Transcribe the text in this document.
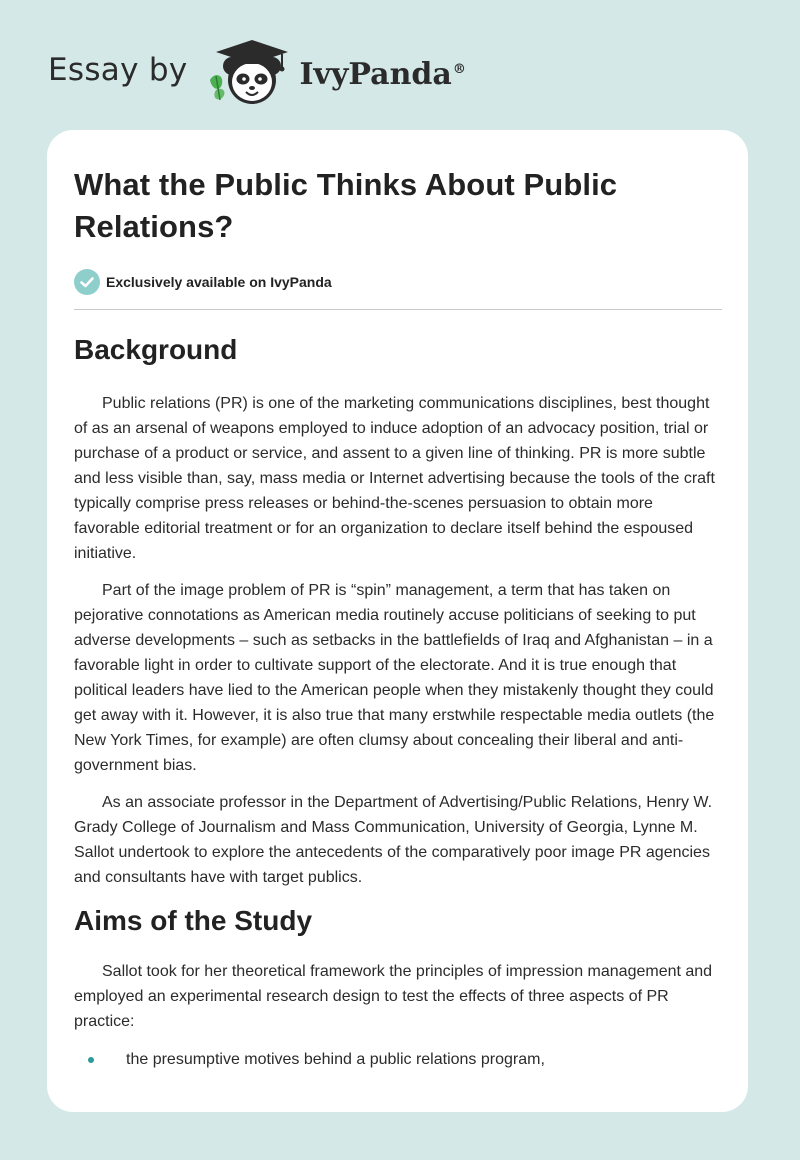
Essay by	IvyPanda®
What the Public Thinks About Public Relations?
Exclusively available on IvyPanda
Background

Public relations (PR) is one of the marketing communications disciplines, best thought of as an arsenal of weapons employed to induce adoption of an advocacy position, trial or purchase of a product or service, and assent to a given line of thinking. PR is more subtle and less visible than, say, mass media or Internet advertising because the tools of the craft typically comprise press releases or behind-the-scenes persuasion to obtain more favorable editorial treatment or for an organization to declare itself behind the espoused initiative.

Part of the image problem of PR is “spin” management, a term that has taken on pejorative connotations as American media routinely accuse politicians of seeking to put adverse developments – such as setbacks in the battlefields of Iraq and Afghanistan – in a favorable light in order to cultivate support of the electorate. And it is true enough that political leaders have lied to the American people when they mistakenly thought they could get away with it. However, it is also true that many erstwhile respectable media outlets (the New York Times, for example) are often clumsy about concealing their liberal and anti-government bias.

As an associate professor in the Department of Advertising/Public Relations, Henry W. Grady College of Journalism and Mass Communication, University of Georgia, Lynne M. Sallot undertook to explore the antecedents of the comparatively poor image PR agencies and consultants have with target publics.

Aims of the Study

Sallot took for her theoretical framework the principles of impression management and employed an experimental research design to test the effects of three aspects of PR practice:

the presumptive motives behind a public relations program,
